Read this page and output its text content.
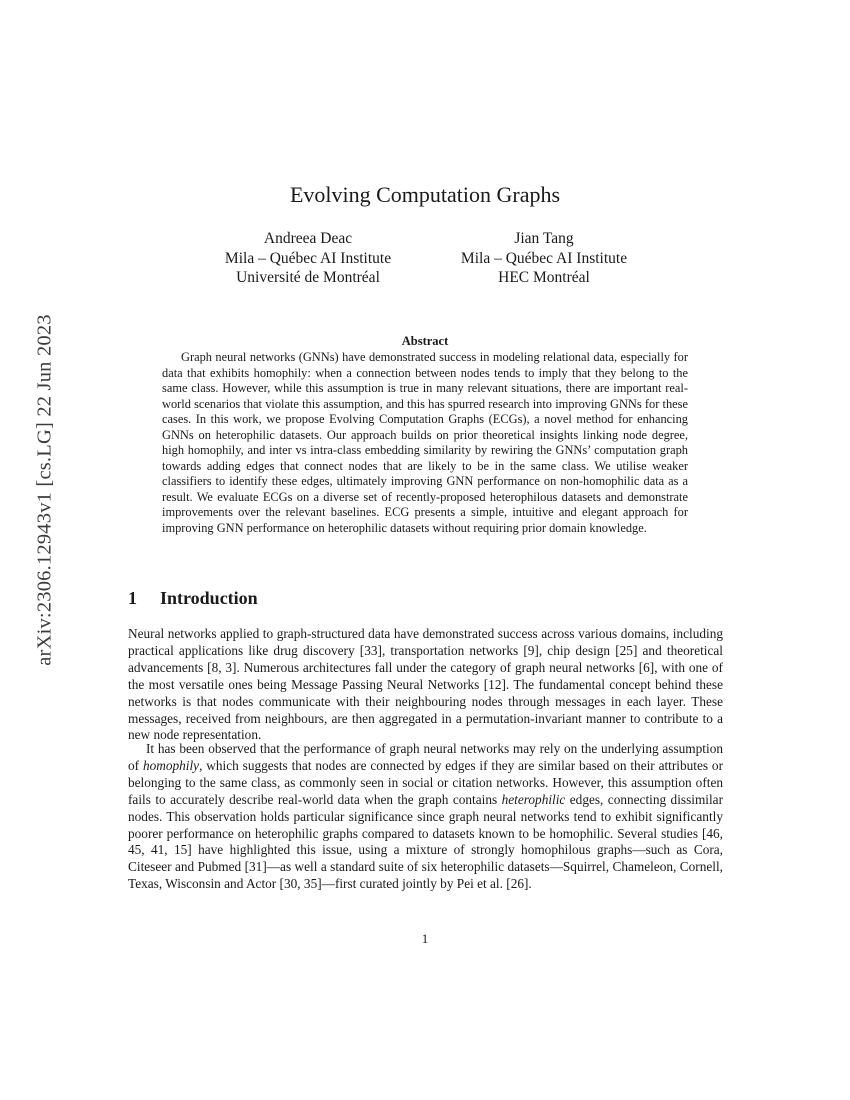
arXiv:2306.12943v1 [cs.LG] 22 Jun 2023
Evolving Computation Graphs
Andreea Deac
Mila – Québec AI Institute
Université de Montréal
Jian Tang
Mila – Québec AI Institute
HEC Montréal
Abstract
Graph neural networks (GNNs) have demonstrated success in modeling relational data, especially for data that exhibits homophily: when a connection between nodes tends to imply that they belong to the same class. However, while this assumption is true in many relevant situations, there are important real-world scenarios that violate this assumption, and this has spurred research into improving GNNs for these cases. In this work, we propose Evolving Computation Graphs (ECGs), a novel method for enhancing GNNs on heterophilic datasets. Our approach builds on prior theoretical insights linking node degree, high homophily, and inter vs intra-class embedding similarity by rewiring the GNNs’ computation graph towards adding edges that connect nodes that are likely to be in the same class. We utilise weaker classifiers to identify these edges, ultimately improving GNN performance on non-homophilic data as a result. We evaluate ECGs on a diverse set of recently-proposed heterophilous datasets and demonstrate improvements over the relevant baselines. ECG presents a simple, intuitive and elegant approach for improving GNN performance on heterophilic datasets without requiring prior domain knowledge.
1 Introduction
Neural networks applied to graph-structured data have demonstrated success across various domains, including practical applications like drug discovery [33], transportation networks [9], chip design [25] and theoretical advancements [8, 3]. Numerous architectures fall under the category of graph neural networks [6], with one of the most versatile ones being Message Passing Neural Networks [12]. The fundamental concept behind these networks is that nodes communicate with their neighbouring nodes through messages in each layer. These messages, received from neighbours, are then aggregated in a permutation-invariant manner to contribute to a new node representation.
It has been observed that the performance of graph neural networks may rely on the underlying assumption of homophily, which suggests that nodes are connected by edges if they are similar based on their attributes or belonging to the same class, as commonly seen in social or citation networks. However, this assumption often fails to accurately describe real-world data when the graph contains heterophilic edges, connecting dissimilar nodes. This observation holds particular significance since graph neural networks tend to exhibit significantly poorer performance on heterophilic graphs compared to datasets known to be homophilic. Several studies [46, 45, 41, 15] have highlighted this issue, using a mixture of strongly homophilous graphs—such as Cora, Citeseer and Pubmed [31]—as well a standard suite of six heterophilic datasets—Squirrel, Chameleon, Cornell, Texas, Wisconsin and Actor [30, 35]—first curated jointly by Pei et al. [26].
1
